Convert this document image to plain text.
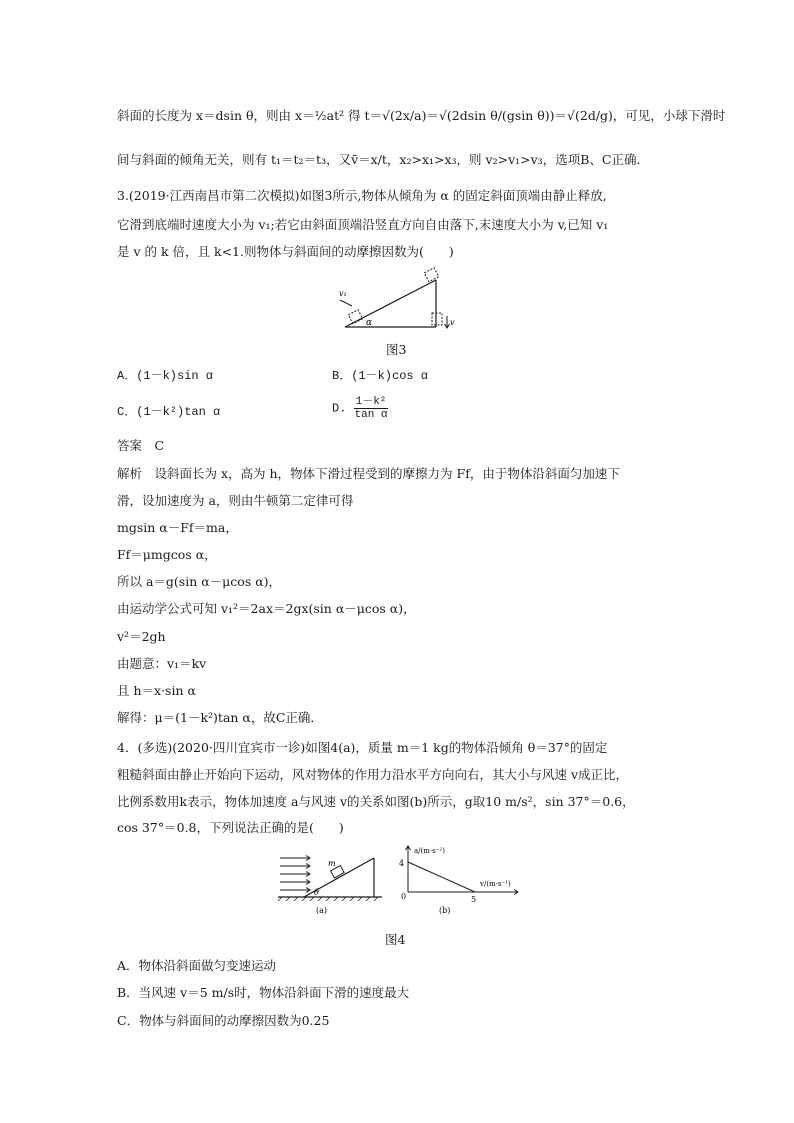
斜面的长度为 x＝dsin θ，则由 x＝½at² 得 t＝√(2x/a)＝√(2dsin θ/(gsin θ))＝√(2d/g)，可见，小球下滑时
间与斜面的倾角无关，则有 t₁＝t₂＝t₃，又v̄＝x/t，x₂>x₁>x₃，则 v₂>v₁>v₃，选项B、C正确．
3.(2019·江西南昌市第二次模拟)如图3所示,物体从倾角为 α 的固定斜面顶端由静止释放,
它滑到底端时速度大小为 v₁;若它由斜面顶端沿竖直方向自由落下,末速度大小为 v,已知 v₁
是 v 的 k 倍，且 k<1.则物体与斜面间的动摩擦因数为(　　)
v₁
α	v
图3
A．(1－k)sin α	B．(1－k)cos α
C．(1－k²)tan α	D. $\frac{\text{1－k²}}{\text{tan α}}$
答案　C
解析　设斜面长为 x，高为 h，物体下滑过程受到的摩擦力为 Ff，由于物体沿斜面匀加速下
滑，设加速度为 a，则由牛顿第二定律可得
mgsin α－Ff＝ma，
Ff＝μmgcos α，
所以 a＝g(sin α－μcos α)，
由运动学公式可知 v₁²＝2ax＝2gx(sin α－μcos α)，
v²＝2gh
由题意：v₁＝kv
且 h＝x·sin α
解得：μ＝(1－k²)tan α，故C正确．
4．(多选)(2020·四川宜宾市一诊)如图4(a)，质量 m＝1 kg的物体沿倾角 θ＝37°的固定
粗糙斜面由静止开始向下运动，风对物体的作用力沿水平方向向右，其大小与风速 v成正比，
比例系数用k表示，物体加速度 a与风速 v的关系如图(b)所示，g取10 m/s²，sin 37°＝0.6，
cos 37°＝0.8，下列说法正确的是(　　)
m
θ
(a)
a/(m·s⁻²)
v/(m·s⁻¹)
4
5
0
(b)
图4
A．物体沿斜面做匀变速运动
B．当风速 v＝5 m/s时，物体沿斜面下滑的速度最大
C．物体与斜面间的动摩擦因数为0.25
